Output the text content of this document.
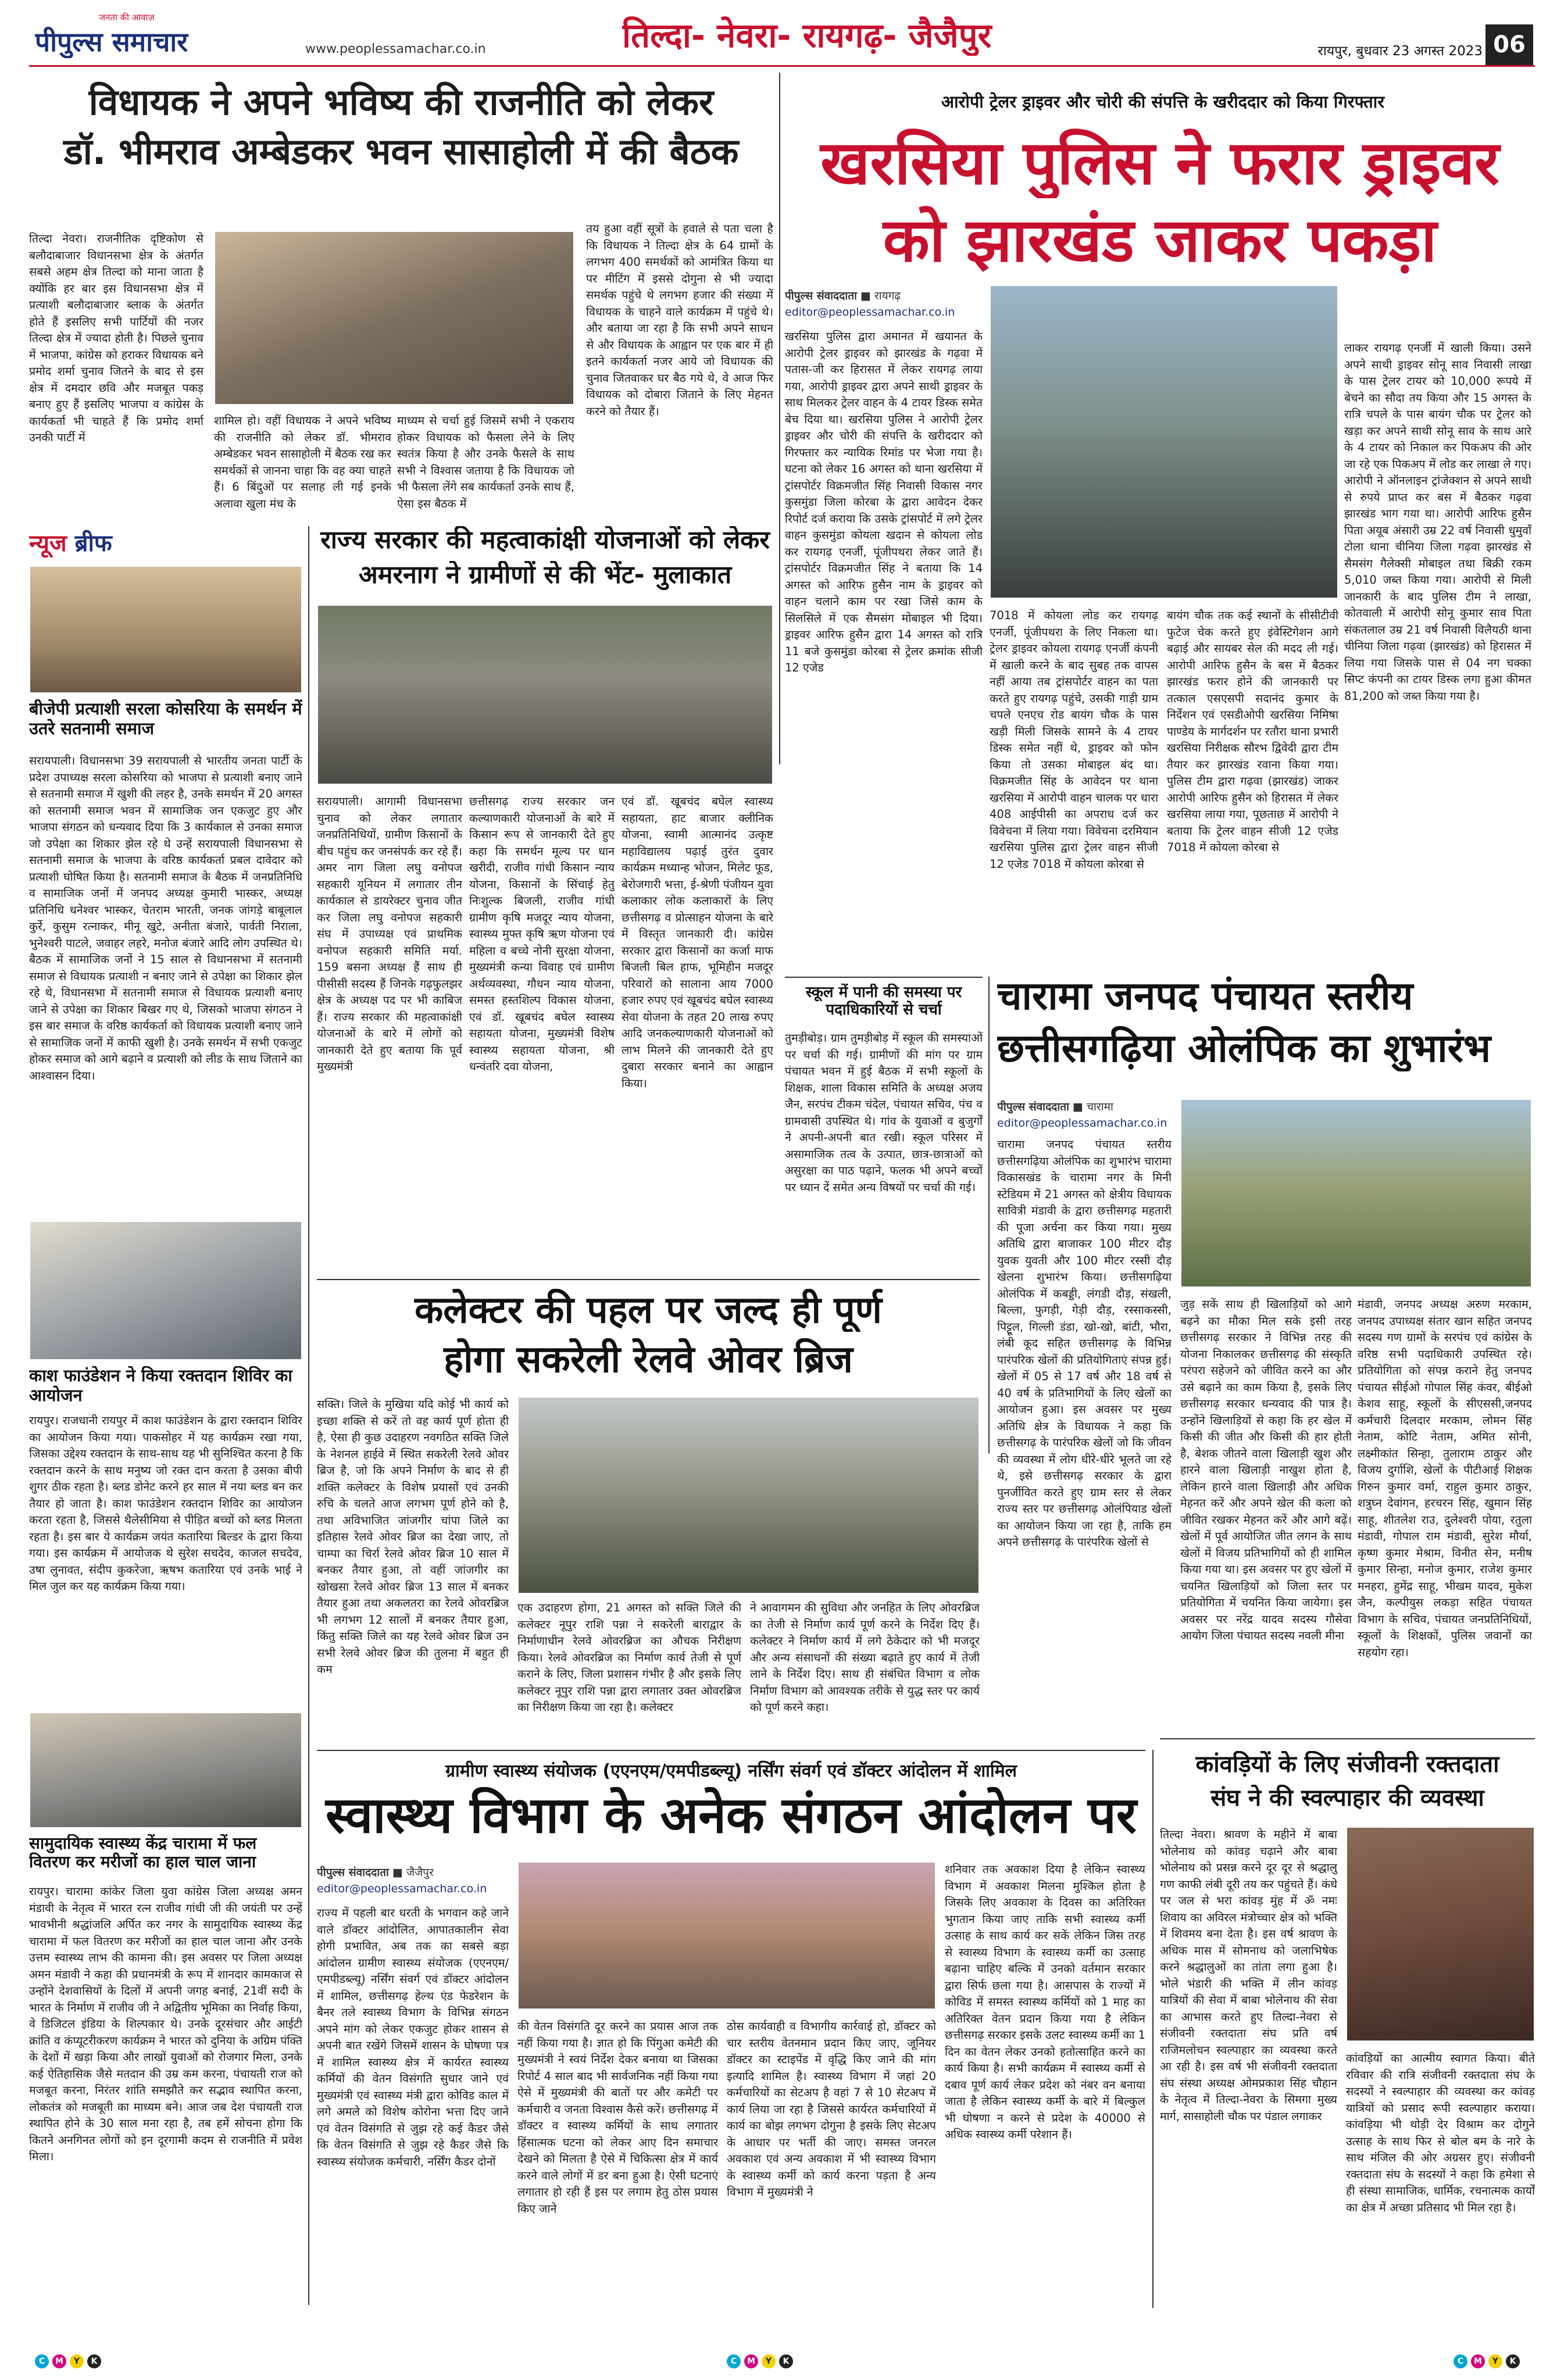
जनता की आवाज़
पीपुल्स समाचार	www.peoplessamachar.co.in	तिल्दा- नेवरा- रायगढ़- जैजैपुर	रायपुर, बुधवार 23 अगस्त 2023 06
विधायक ने अपने भविष्य की राजनीति को लेकर
डॉ. भीमराव अम्बेडकर भवन सासाहोली में की बैठक
तिल्दा नेवरा। राजनीतिक दृष्टिकोण से बलौदाबाजार विधानसभा क्षेत्र के अंतर्गत सबसे अहम क्षेत्र तिल्दा को माना जाता है क्योंकि हर बार इस विधानसभा क्षेत्र में प्रत्याशी बलौदाबाजार ब्लाक के अंतर्गत होते हैं इसलिए सभी पार्टियों की नजर तिल्दा क्षेत्र में ज्यादा होती है। पिछले चुनाव में भाजपा, कांग्रेस को हराकर विधायक बने प्रमोद शर्मा चुनाव जितने के बाद से इस क्षेत्र में दमदार छवि और मजबूत पकड़ बनाए हुए हैं इसलिए भाजपा व कांग्रेस के कार्यकर्ता भी चाहते हैं कि प्रमोद शर्मा उनकी पार्टी में
शामिल हो। वहीं विधायक ने अपने भविष्य की राजनीति को लेकर डॉ. भीमराव अम्बेडकर भवन सासाहोली में बैठक रख कर समर्थकों से जानना चाहा कि वह क्या चाहते हैं। 6 बिंदुओं पर सलाह ली गई इनके अलावा खुला मंच के
माध्यम से चर्चा हुई जिसमें सभी ने एकराय होकर विधायक को फैसला लेने के लिए स्वतंत्र किया है और उनके फैसले के साथ सभी ने विश्वास जताया है कि विधायक जो भी फैसला लेंगे सब कार्यकर्ता उनके साथ हैं, ऐसा इस बैठक में
तय हुआ वहीं सूत्रों के हवाले से पता चला है कि विधायक ने तिल्दा क्षेत्र के 64 ग्रामों के लगभग 400 समर्थकों को आमंत्रित किया था पर मीटिंग में इससे दोगुना से भी ज्यादा समर्थक पहुंचे थे लगभग हजार की संख्या में विधायक के चाहने वाले कार्यक्रम में पहुंचे थे। और बताया जा रहा है कि सभी अपने साधन से और विधायक के आह्वान पर एक बार में ही इतने कार्यकर्ता नजर आये जो विधायक की चुनाव जितवाकर घर बैठ गये थे, वे आज फिर विधायक को दोबारा जिताने के लिए मेहनत करने को तैयार हैं।
आरोपी ट्रेलर ड्राइवर और चोरी की संपत्ति के खरीददार को किया गिरफ्तार
खरसिया पुलिस ने फरार ड्राइवर
को झारखंड जाकर पकड़ा
पीपुल्स संवाददाता ■ रायगढ़
editor@peoplessamachar.co.in
खरसिया पुलिस द्वारा अमानत में खयानत के आरोपी ट्रेलर ड्राइवर को झारखंड के गढ़वा में पतास-जी कर हिरासत में लेकर रायगढ़ लाया गया, आरोपी ड्राइवर द्वारा अपने साथी ड्राइवर के साथ मिलकर ट्रेलर वाहन के 4 टायर डिस्क समेत बेच दिया था। खरसिया पुलिस ने आरोपी ट्रेलर ड्राइवर और चोरी की संपत्ति के खरीददार को गिरफ्तार कर न्यायिक रिमांड पर भेजा गया है। घटना को लेकर 16 अगस्त को थाना खरसिया में ट्रांसपोर्टर विक्रमजीत सिंह निवासी विकास नगर कुसमुंडा जिला कोरबा के द्वारा आवेदन देकर रिपोर्ट दर्ज कराया कि उसके ट्रांसपोर्ट में लगे ट्रेलर वाहन कुसमुंडा कोयला खदान से कोयला लोड कर रायगढ़ एनर्जी, पूंजीपथरा लेकर जाते हैं। ट्रांसपोर्टर विक्रमजीत सिंह ने बताया कि 14 अगस्त को आरिफ हुसैन नाम के ड्राइवर को वाहन चलाने काम पर रखा जिसे काम के सिलसिले में एक सैमसंग मोबाइल भी दिया। ड्राइवर आरिफ हुसैन द्वारा 14 अगस्त को रात्रि 11 बजे कुसमुंडा कोरबा से ट्रेलर क्रमांक सीजी 12 एजेड
7018 में कोयला लोड कर रायगढ़ एनर्जी, पूंजीपथरा के लिए निकला था। ट्रेलर ड्राइवर कोयला रायगढ़ एनर्जी कंपनी में खाली करने के बाद सुबह तक वापस नहीं आया तब ट्रांसपोर्टर वाहन का पता करते हुए रायगढ़ पहुंचे, उसकी गाड़ी ग्राम चपले एनएच रोड बायंग चौक के पास खड़ी मिली जिसके सामने के 4 टायर डिस्क समेत नहीं थे, ड्राइवर को फोन किया तो उसका मोबाइल बंद था। विक्रमजीत सिंह के आवेदन पर थाना खरसिया में आरोपी वाहन चालक पर धारा 408 आईपीसी का अपराध दर्ज कर विवेचना में लिया गया। विवेचना दरमियान खरसिया पुलिस द्वारा ट्रेलर वाहन सीजी 12 एजेड 7018 में कोयला कोरबा से
बायंग चौक तक कई स्थानों के सीसीटीवी फुटेज चेक करते हुए इंवेस्टिगेशन आगे बढ़ाई और सायबर सेल की मदद ली गई। आरोपी आरिफ हुसैन के बस में बैठकर झारखंड फरार होने की जानकारी पर तत्काल एसएसपी सदानंद कुमार के निर्देशन एवं एसडीओपी खरसिया निमिषा पाण्डेय के मार्गदर्शन पर रतौरा थाना प्रभारी खरसिया निरीक्षक सौरभ द्विवेदी द्वारा टीम तैयार कर झारखंड रवाना किया गया। पुलिस टीम द्वारा गढ़वा (झारखंड) जाकर आरोपी आरिफ हुसैन को हिरासत में लेकर खरसिया लाया गया, पूछताछ में आरोपी ने बताया कि ट्रेलर वाहन सीजी 12 एजेड 7018 में कोयला कोरबा से
लाकर रायगढ़ एनर्जी में खाली किया। उसने अपने साथी ड्राइवर सोनू साव निवासी लाखा के पास ट्रेलर टायर को 10,000 रूपये में बेचने का सौदा तय किया और 15 अगस्त के रात्रि चपले के पास बायंग चौक पर ट्रेलर को खड़ा कर अपने साथी सोनू साव के साथ आरे के 4 टायर को निकाल कर पिकअप की ओर जा रहे एक पिकअप में लोड कर लाखा ले गए। आरोपी ने ऑनलाइन ट्रांजेक्शन से अपने साथी से रुपये प्राप्त कर बस में बैठकर गढ़वा झारखंड भाग गया था। आरोपी आरिफ हुसैन पिता अयूब अंसारी उम्र 22 वर्ष निवासी धुमुवाँ टोला थाना चीनिया जिला गढ़वा झारखंड से सैमसंग गैलेक्सी मोबाइल तथा बिक्री रकम 5,010 जब्त किया गया। आरोपी से मिली जानकारी के बाद पुलिस टीम ने लाखा, कोतवाली में आरोपी सोनू कुमार साव पिता संकतलाल उम्र 21 वर्ष निवासी विलैयठी थाना चीनिया जिला गढ़वा (झारखंड) को हिरासत में लिया गया जिसके पास से 04 नग चक्का सिप्ट कंपनी का टायर डिस्क लगा हुआ कीमत 81,200 को जब्त किया गया है।
न्यूज ब्रीफ
बीजेपी प्रत्याशी सरला कोसरिया के समर्थन में उतरे सतनामी समाज
सरायपाली। विधानसभा 39 सरायपाली से भारतीय जनता पार्टी के प्रदेश उपाध्यक्ष सरला कोसरिया को भाजपा से प्रत्याशी बनाए जाने से सतनामी समाज में खुशी की लहर है, उनके समर्थन में 20 अगस्त को सतनामी समाज भवन में सामाजिक जन एकजुट हुए और भाजपा संगठन को धन्यवाद दिया कि 3 कार्यकाल से उनका समाज जो उपेक्षा का शिकार झेल रहे थे उन्हें सरायपाली विधानसभा से सतनामी समाज के भाजपा के वरिष्ठ कार्यकर्ता प्रबल दावेदार को प्रत्याशी घोषित किया है। सतनामी समाज के बैठक में जनप्रतिनिधि व सामाजिक जनों में जनपद अध्यक्ष कुमारी भास्कर, अध्यक्ष प्रतिनिधि धनेश्वर भास्कर, चेतराम भारती, जनक जांगड़े बाबूलाल कुर्रे, कुसुम रत्नाकर, मीनू खुटे, अनीता बंजारे, पार्वती निराला, भुनेश्वरी पाटले, जवाहर लहरे, मनोज बंजारे आदि लोग उपस्थित थे। बैठक में सामाजिक जनों ने 15 साल से विधानसभा में सतनामी समाज से विधायक प्रत्याशी न बनाए जाने से उपेक्षा का शिकार झेल रहे थे, विधानसभा में सतनामी समाज से विधायक प्रत्याशी बनाए जाने से उपेक्षा का शिकार बिखर गए थे, जिसको भाजपा संगठन ने इस बार समाज के वरिष्ठ कार्यकर्ता को विधायक प्रत्याशी बनाए जाने से सामाजिक जनों में काफी खुशी है। उनके समर्थन में सभी एकजुट होकर समाज को आगे बढ़ाने व प्रत्याशी को लीड के साथ जिताने का आश्वासन दिया।
काश फाउंडेशन ने किया रक्तदान शिविर का आयोजन
रायपुर। राजधानी रायपुर में काश फाउंडेशन के द्वारा रक्तदान शिविर का आयोजन किया गया। पाकसोहर में यह कार्यक्रम रखा गया, जिसका उद्देश्य रक्तदान के साथ-साथ यह भी सुनिश्चित करना है कि रक्तदान करने के साथ मनुष्य जो रक्त दान करता है उसका बीपी शुगर ठीक रहता है। ब्लड डोनेट करने हर साल में नया ब्लड बन कर तैयार हो जाता है। काश फाउंडेशन रक्तदान शिविर का आयोजन करता रहता है, जिससे थैलेसीमिया से पीड़ित बच्चों को ब्लड मिलता रहता है। इस बार ये कार्यक्रम जयंत कतारिया बिल्डर के द्वारा किया गया। इस कार्यक्रम में आयोजक थे सुरेश सचदेव, काजल सचदेव, उषा लुनावत, संदीप कुकरेजा, ऋषभ कतारिया एवं उनके भाई ने मिल जुल कर यह कार्यक्रम किया गया।
सामुदायिक स्वास्थ्य केंद्र चारामा में फल वितरण कर मरीजों का हाल चाल जाना
रायपुर। चारामा कांकेर जिला युवा कांग्रेस जिला अध्यक्ष अमन मंडावी के नेतृत्व में भारत रत्न राजीव गांधी जी की जयंती पर उन्हें भावभीनी श्रद्धांजलि अर्पित कर नगर के सामुदायिक स्वास्थ्य केंद्र चारामा में फल वितरण कर मरीजों का हाल चाल जाना और उनके उत्तम स्वास्थ्य लाभ की कामना की। इस अवसर पर जिला अध्यक्ष अमन मंडावी ने कहा की प्रधानमंत्री के रूप में शानदार कामकाज से उन्होंने देशवासियों के दिलों में अपनी जगह बनाई, 21वीं सदी के भारत के निर्माण में राजीव जी ने अद्वितीय भूमिका का निर्वाह किया, वे डिजिटल इंडिया के शिल्पकार थे। उनके दूरसंचार और आईटी क्रांति व कंप्यूटरीकरण कार्यक्रम ने भारत को दुनिया के अग्रिम पंक्ति के देशों में खड़ा किया और लाखों युवाओं को रोजगार मिला, उनके कई ऐतिहासिक जैसे मतदान की उम्र कम करना, पंचायती राज को मजबूत करना, निरंतर शांति समझौते कर सद्भाव स्थापित करना, लोकतंत्र को मजबूती का माध्यम बने। आज जब देश पंचायती राज स्थापित होने के 30 साल मना रहा है, तब हमें सोचना होगा कि कितने अनगिनत लोगों को इन दूरगामी कदम से राजनीति में प्रवेश मिला।
राज्य सरकार की महत्वाकांक्षी योजनाओं को लेकर
अमरनाग ने ग्रामीणों से की भेंट- मुलाकात
सरायपाली। आगामी विधानसभा चुनाव को लेकर लगातार जनप्रतिनिधियों, ग्रामीण किसानों के बीच पहुंच कर जनसंपर्क कर रहे हैं। अमर नाग जिला लघु वनोपज सहकारी यूनियन में लगातार तीन कार्यकाल से डायरेक्टर चुनाव जीत कर जिला लघु वनोपज सहकारी संघ में उपाध्यक्ष एवं प्राथमिक वनोपज सहकारी समिति मर्या. 159 बसना अध्यक्ष हैं साथ ही पीसीसी सदस्य हैं जिनके गढ़फुलझर क्षेत्र के अध्यक्ष पद पर भी काबिज हैं। राज्य सरकार की महत्वाकांक्षी योजनाओं के बारे में लोगों को जानकारी देते हुए बताया कि पूर्व मुख्यमंत्री
छत्तीसगढ़ राज्य सरकार जन कल्याणकारी योजनाओं के बारे में किसान रूप से जानकारी देते हुए कहा कि समर्थन मूल्य पर धान खरीदी, राजीव गांधी किसान न्याय योजना, किसानों के सिंचाई हेतु निःशुल्क बिजली, राजीव गांधी ग्रामीण कृषि मजदूर न्याय योजना, स्वास्थ्य मुफ्त कृषि ऋण योजना एवं महिला व बच्चे नोनी सुरक्षा योजना, मुख्यमंत्री कन्या विवाह एवं ग्रामीण अर्थव्यवस्था, गौधन न्याय योजना, समस्त हस्तशिल्प विकास योजना, एवं डॉ. खूबचंद बघेल स्वास्थ्य सहायता योजना, मुख्यमंत्री विशेष स्वास्थ्य सहायता योजना, श्री धन्वंतरि दवा योजना,
एवं डॉ. खूबचंद बघेल स्वास्थ्य सहायता, हाट बाजार क्लीनिक योजना, स्वामी आत्मानंद उत्कृष्ट महाविद्यालय पढ़ाई तुरंत दुवार कार्यक्रम मध्यान्ह भोजन, मिलेट फूड, बेरोजगारी भत्ता, ई-श्रेणी पंजीयन युवा कलाकार लोक कलाकारों के लिए छत्तीसगढ़ व प्रोत्साहन योजना के बारे में विस्तृत जानकारी दी। कांग्रेस सरकार द्वारा किसानों का कर्जा माफ बिजली बिल हाफ, भूमिहीन मजदूर परिवारों को सालाना आय 7000 हजार रुपए एवं खूबचंद बघेल स्वास्थ्य सेवा योजना के तहत 20 लाख रुपए आदि जनकल्याणकारी योजनाओं को लाभ मिलने की जानकारी देते हुए दुबारा सरकार बनाने का आह्वान किया।
स्कूल में पानी की समस्या पर पदाधिकारियों से चर्चा
तुमड़ीबोड़। ग्राम तुमड़ीबोड़ में स्कूल की समस्याओं पर चर्चा की गई। ग्रामीणों की मांग पर ग्राम पंचायत भवन में हुई बैठक में सभी स्कूलों के शिक्षक, शाला विकास समिति के अध्यक्ष अजय जैन, सरपंच टीकम चंदेल, पंचायत सचिव, पंच व ग्रामवासी उपस्थित थे। गांव के युवाओं व बुजुर्गों ने अपनी-अपनी बात रखी। स्कूल परिसर में असामाजिक तत्व के उत्पात, छात्र-छात्राओं को असुरक्षा का पाठ पढ़ाने, फलक भी अपने बच्चों पर ध्यान दें समेत अन्य विषयों पर चर्चा की गई।
चारामा जनपद पंचायत स्तरीय
छत्तीसगढ़िया ओलंपिक का शुभारंभ
पीपुल्स संवाददाता ■ चारामा
editor@peoplessamachar.co.in
चारामा जनपद पंचायत स्तरीय छत्तीसगढ़िया ओलंपिक का शुभारंभ चारामा विकासखंड के चारामा नगर के मिनी स्टेडियम में 21 अगस्त को क्षेत्रीय विधायक सावित्री मंडावी के द्वारा छत्तीसगढ़ महतारी की पूजा अर्चना कर किया गया। मुख्य अतिथि द्वारा बाजाकर 100 मीटर दौड़ युवक युवती और 100 मीटर रस्सी दौड़ खेलना शुभारंभ किया। छत्तीसगढ़िया ओलंपिक में कबड्डी, लंगडी दौड़, संखली, बिल्ला, फुगड़ी, गेड़ी दौड़, रस्साकस्सी, पिट्टूल, गिल्ली डंडा, खो-खो, बांटी, भौरा, लंबी कूद सहित छत्तीसगढ़ के विभिन्न पारंपरिक खेलों की प्रतियोगिताएं संपन्न हुई। खेलों में 05 से 17 वर्ष और 18 वर्ष से 40 वर्ष के प्रतिभागियों के लिए खेलों का आयोजन हुआ। इस अवसर पर मुख्य अतिथि क्षेत्र के विधायक ने कहा कि छत्तीसगढ़ के पारंपरिक खेलों जो कि जीवन की व्यवस्था में लोग धीरे-धीरे भूलते जा रहे थे, इसे छत्तीसगढ़ सरकार के द्वारा पुनर्जीवित करते हुए ग्राम स्तर से लेकर राज्य स्तर पर छत्तीसगढ़ ओलंपियाड खेलों का आयोजन किया जा रहा है, ताकि हम अपने छत्तीसगढ़ के पारंपरिक खेलों से
जुड़ सकें साथ ही खिलाड़ियों को आगे बढ़ने का मौका मिल सके इसी तरह छत्तीसगढ़ सरकार ने विभिन्न तरह की योजना निकालकर छत्तीसगढ़ की संस्कृति परंपरा सहेजने को जीवित करने का और उसे बढ़ाने का काम किया है, इसके लिए छत्तीसगढ़ सरकार धन्यवाद की पात्र है। उन्होंने खिलाड़ियों से कहा कि हर खेल में किसी की जीत और किसी की हार होती है, बेशक जीतने वाला खिलाड़ी खुश और हारने वाला खिलाड़ी नाखुश होता है, लेकिन हारने वाला खिलाड़ी और अधिक मेहनत करें और अपने खेल की कला को जीवित रखकर मेहनत करें और आगे बढ़ें। खेलों में पूर्व आयोजित जीत लगन के साथ खेलों में विजय प्रतिभागियों को ही शामिल किया गया था। इस अवसर पर हुए खेलों में चयनित खिलाड़ियों को जिला स्तर पर प्रतियोगिता में चयनित किया जायेगा। इस अवसर पर नरेंद्र यादव सदस्य गौसेवा आयोग जिला पंचायत सदस्य नवली मीना
मंडावी, जनपद अध्यक्ष अरुण मरकाम, जनपद उपाध्यक्ष संतार खान सहित जनपद सदस्य गण ग्रामों के सरपंच एवं कांग्रेस के वरिष्ठ सभी पदाधिकारी उपस्थित रहे। प्रतियोगिता को संपन्न कराने हेतु जनपद पंचायत सीईओ गोपाल सिंह कंवर, बीईओ केशव साहू, स्कूलों के सीएससी,जनपद कर्मचारी दिलदार मरकाम, लोमन सिंह नेताम, कोटि नेताम, अमित सोनी, लक्ष्मीकांत सिन्हा, तुलाराम ठाकुर और विजय दुर्गाशि, खेलों के पीटीआई शिक्षक गिरुन कुमार वर्मा, राहुल कुमार ठाकुर, शत्रुघ्न देवांगन, हरचरन सिंह, खुमान सिंह साहू, शीतलेश राउ, दुलेश्वरी पोया, रतुला मंडावी, गोपाल राम मंडावी, सुरेश मौर्या, कृष्ण कुमार मेश्राम, विनीत सेन, मनीष कुमार सिन्हा, मनोज कुमार, राजेश कुमार मनहरा, हुमेंद्र साहू, भीखम यादव, मुकेश जैन, कल्पीयुस लकड़ा सहित पंचायत विभाग के सचिव, पंचायत जनप्रतिनिधियों, स्कूलों के शिक्षकों, पुलिस जवानों का सहयोग रहा।
कलेक्टर की पहल पर जल्द ही पूर्ण
होगा सकरेली रेलवे ओवर ब्रिज
सक्ति। जिले के मुखिया यदि कोई भी कार्य को इच्छा शक्ति से करें तो वह कार्य पूर्ण होता ही है, ऐसा ही कुछ उदाहरण नवगठित सक्ति जिले के नेशनल हाईवे में स्थित सकरेली रेलवे ओवर ब्रिज है, जो कि अपने निर्माण के बाद से ही शक्ति कलेक्टर के विशेष प्रयासों एवं उनकी रुचि के चलते आज लगभग पूर्ण होने को है, तथा अविभाजित जांजगीर चांपा जिले का इतिहास रेलवे ओवर ब्रिज का देखा जाए, तो चाम्पा का चिर्रा रेलवे ओवर ब्रिज 10 साल में बनकर तैयार हुआ, तो वहीं जांजगीर का खोखसा रेलवे ओवर ब्रिज 13 साल में बनकर तैयार हुआ तथा अकलतरा का रेलवे ओवरब्रिज भी लगभग 12 सालों में बनकर तैयार हुआ, किंतु सक्ति जिले का यह रेलवे ओवर ब्रिज उन सभी रेलवे ओवर ब्रिज की तुलना में बहुत ही कम
एक उदाहरण होगा, 21 अगस्त को सक्ति जिले की कलेक्टर नूपुर राशि पन्ना ने सकरेली बाराद्वार के निर्माणाधीन रेलवे ओवरब्रिज का औचक निरीक्षण किया। रेलवे ओवरब्रिज का निर्माण कार्य तेजी से पूर्ण कराने के लिए, जिला प्रशासन गंभीर है और इसके लिए कलेक्टर नूपुर राशि पन्ना द्वारा लगातार उक्त ओवरब्रिज का निरीक्षण किया जा रहा है। कलेक्टर
ने आवागमन की सुविधा और जनहित के लिए ओवरब्रिज का तेजी से निर्माण कार्य पूर्ण करने के निर्देश दिए हैं। कलेक्टर ने निर्माण कार्य में लगे ठेकेदार को भी मजदूर और अन्य संसाधनों की संख्या बढ़ाते हुए कार्य में तेजी लाने के निर्देश दिए। साथ ही संबंधित विभाग व लोक निर्माण विभाग को आवश्यक तरीके से युद्ध स्तर पर कार्य को पूर्ण करने कहा।
ग्रामीण स्वास्थ्य संयोजक (एएनएम/एमपीडब्ल्यू) नर्सिंग संवर्ग एवं डॉक्टर आंदोलन में शामिल
स्वास्थ्य विभाग के अनेक संगठन आंदोलन पर
पीपुल्स संवाददाता ■ जैजैपुर
editor@peoplessamachar.co.in
राज्य में पहली बार धरती के भगवान कहे जाने वाले डॉक्टर आंदोलित, आपातकालीन सेवा होगी प्रभावित, अब तक का सबसे बड़ा आंदोलन ग्रामीण स्वास्थ्य संयोजक (एएनएम/एमपीडब्ल्यू) नर्सिंग संवर्ग एवं डॉक्टर आंदोलन में शामिल, छत्तीसगढ़ हेल्थ एंड फेडरेशन के बैनर तले स्वास्थ्य विभाग के विभिन्न संगठन अपने मांग को लेकर एकजुट होकर शासन से अपनी बात रखेंगे जिसमें शासन के घोषणा पत्र में शामिल स्वास्थ्य क्षेत्र में कार्यरत स्वास्थ्य कर्मियों की वेतन विसंगति सुधार जाने एवं मुख्यमंत्री एवं स्वास्थ्य मंत्री द्वारा कोविड काल में लगे अमले को विशेष कोरोना भत्ता दिए जाने एवं वेतन विसंगति से जुझ रहे कई कैडर जैसे कि वेतन विसंगति से जुझ रहे कैडर जैसे कि स्वास्थ्य संयोजक कर्मचारी, नर्सिंग कैडर दोनों
की वेतन विसंगति दूर करने का प्रयास आज तक नहीं किया गया है। ज्ञात हो कि पिंगुआ कमेटी की मुख्यमंत्री ने स्वयं निर्देश देकर बनाया था जिसका रिपोर्ट 4 साल बाद भी सार्वजनिक नहीं किया गया ऐसे में मुख्यमंत्री की बातों पर और कमेटी पर कर्मचारी व जनता विश्वास कैसे करें। छत्तीसगढ़ में डॉक्टर व स्वास्थ्य कर्मियों के साथ लगातार हिंसात्मक घटना को लेकर आए दिन समाचार देखने को मिलता है ऐसे में चिकित्सा क्षेत्र में कार्य करने वाले लोगों में डर बना हुआ है। ऐसी घटनाएं लगातार हो रही हैं इस पर लगाम हेतु ठोस प्रयास किए जाने
ठोस कार्यवाही व विभागीय कार्रवाई हो, डॉक्टर को चार स्तरीय वेतनमान प्रदान किए जाए, जूनियर डॉक्टर का स्टाइपेंड में वृद्धि किए जाने की मांग इत्यादि शामिल है। स्वास्थ्य विभाग में जहां 20 कर्मचारियों का सेटअप है वहां 7 से 10 सेटअप में कार्य लिया जा रहा है जिससे कार्यरत कर्मचारियों में कार्य का बोझ लगभग दोगुना है इसके लिए सेटअप के आधार पर भर्ती की जाए। समस्त जनरल अवकाश एवं अन्य अवकाश में भी स्वास्थ्य विभाग के स्वास्थ्य कर्मी को कार्य करना पड़ता है अन्य विभाग में मुख्यमंत्री ने
शनिवार तक अवकाश दिया है लेकिन स्वास्थ्य विभाग में अवकाश मिलना मुश्किल होता है जिसके लिए अवकाश के दिवस का अतिरिक्त भुगतान किया जाए ताकि सभी स्वास्थ्य कर्मी उत्साह के साथ कार्य कर सकें लेकिन जिस तरह से स्वास्थ्य विभाग के स्वास्थ्य कर्मी का उत्साह बढ़ाना चाहिए बल्कि में उनको वर्तमान सरकार द्वारा सिर्फ छला गया है। आसपास के राज्यों में कोविड में समस्त स्वास्थ्य कर्मियों को 1 माह का अतिरिक्त वेतन प्रदान किया गया है लेकिन छत्तीसगढ़ सरकार इसके उलट स्वास्थ्य कर्मी का 1 दिन का वेतन लेकर उनको हतोत्साहित करने का कार्य किया है। सभी कार्यक्रम में स्वास्थ्य कर्मी से दबाव पूर्ण कार्य लेकर प्रदेश को नंबर वन बनाया जाता है लेकिन स्वास्थ्य कर्मी के बारे में बिल्कुल भी घोषणा न करने से प्रदेश के 40000 से अधिक स्वास्थ्य कर्मी परेशान हैं।
कांवड़ियों के लिए संजीवनी रक्तदाता
संघ ने की स्वल्पाहार की व्यवस्था
तिल्दा नेवरा। श्रावण के महीने में बाबा भोलेनाथ को कांवड़ चढ़ाने और बाबा भोलेनाथ को प्रसन्न करने दूर दूर से श्रद्धालु गण काफी लंबी दूरी तय कर पहुंचते हैं। कंधे पर जल से भरा कांवड़ मुंह में ॐ नमः शिवाय का अविरल मंत्रोच्चार क्षेत्र को भक्ति में शिवमय बना देता है। इस वर्ष श्रावण के अधिक मास में सोमनाथ को जलाभिषेक करने श्रद्धालुओं का तांता लगा हुआ है। भोले भंडारी की भक्ति में लीन कांवड़ यात्रियों की सेवा में बाबा भोलेनाथ की सेवा का आभास करते हुए तिल्दा-नेवरा से संजीवनी रक्तदाता संघ प्रति वर्ष राजिमलोचन स्वल्पाहार का व्यवस्था करते आ रही है। इस वर्ष भी संजीवनी रक्तदाता संघ संस्था अध्यक्ष ओमप्रकाश सिंह चौहान के नेतृत्व में तिल्दा-नेवरा के सिमगा मुख्य मार्ग, सासाहोली चौक पर पंडाल लगाकर
कांवड़ियों का आत्मीय स्वागत किया। बीते रविवार की रात्रि संजीवनी रक्तदाता संघ के सदस्यों ने स्वल्पाहार की व्यवस्था कर कांवड़ यात्रियों को प्रसाद रूपी स्वल्पाहार कराया। कांवड़िया भी थोड़ी देर विश्राम कर दोगुने उत्साह के साथ फिर से बोल बम के नारे के साथ मंजिल की ओर अग्रसर हुए। संजीवनी रक्तदाता संघ के सदस्यों ने कहा कि हमेशा से ही संस्था सामाजिक, धार्मिक, रचनात्मक कार्यों का क्षेत्र में अच्छा प्रतिसाद भी मिल रहा है।
C	M	Y	K	C	M	Y	K	C	M	Y	K
